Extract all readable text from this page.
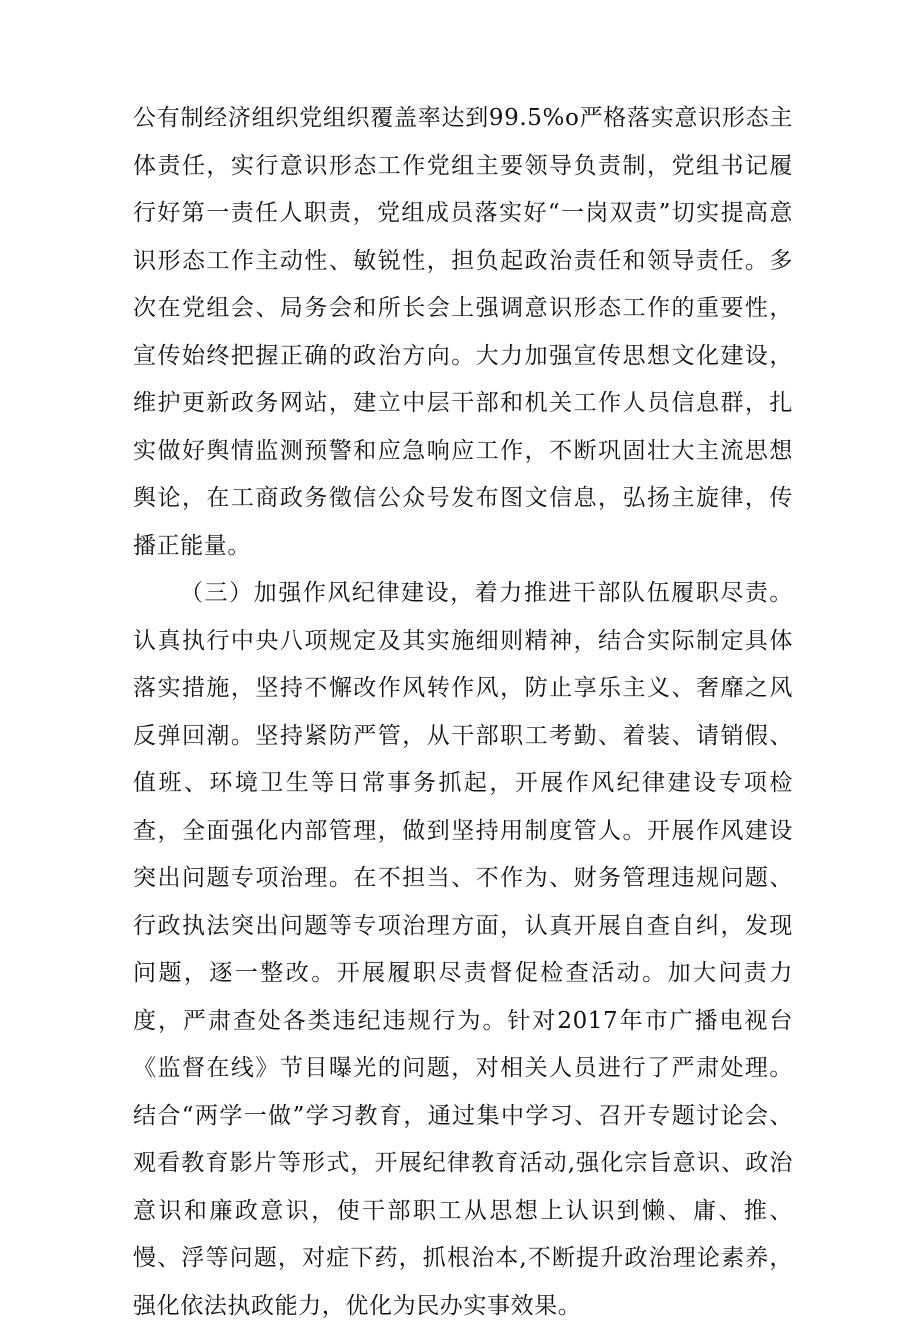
公有制经济组织党组织覆盖率达到99.5%o严格落实意识形态主体责任，实行意识形态工作党组主要领导负责制，党组书记履行好第一责任人职责，党组成员落实好“一岗双责”切实提高意识形态工作主动性、敏锐性，担负起政治责任和领导责任。多次在党组会、局务会和所长会上强调意识形态工作的重要性，宣传始终把握正确的政治方向。大力加强宣传思想文化建设，维护更新政务网站，建立中层干部和机关工作人员信息群，扎实做好舆情监测预警和应急响应工作，不断巩固壮大主流思想舆论，在工商政务徵信公众号发布图文信息，弘扬主旋律，传播正能量。

（三）加强作风纪律建设，着力推进干部队伍履职尽责。认真执行中央八项规定及其实施细则精神，结合实际制定具体落实措施，坚持不懈改作风转作风，防止享乐主义、奢靡之风反弹回潮。坚持紧防严管，从干部职工考勤、着装、请销假、值班、环境卫生等日常事务抓起，开展作风纪律建设专项检查，全面强化内部管理，做到坚持用制度管人。开展作风建设突出问题专项治理。在不担当、不作为、财务管理违规问题、行政执法突出问题等专项治理方面，认真开展自查自纠，发现问题，逐一整改。开展履职尽责督促检查活动。加大问责力度，严肃查处各类违纪违规行为。针对2017年市广播电视台《监督在线》节目曝光的问题，对相关人员进行了严肃处理。结合“两学一做”学习教育，通过集中学习、召开专题讨论会、观看教育影片等形式，开展纪律教育活动,强化宗旨意识、政治意识和廉政意识，使干部职工从思想上认识到懒、庸、推、慢、浮等问题，对症下药，抓根治本,不断提升政治理论素养，强化依法执政能力，优化为民办实事效果。
